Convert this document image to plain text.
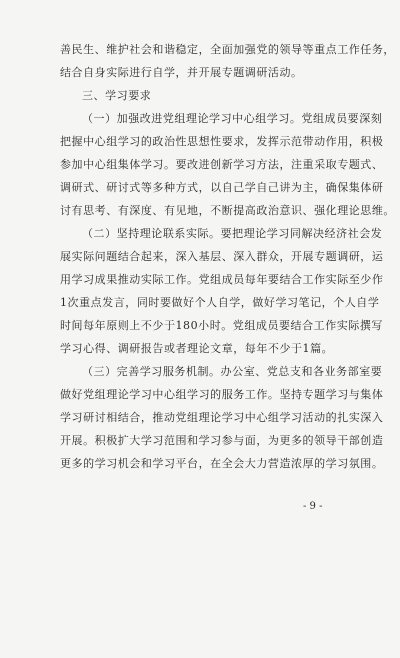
善民生、维护社会和谐稳定，全面加强党的领导等重点工作任务，
结合自身实际进行自学，并开展专题调研活动。
三、学习要求
（一）加强改进党组理论学习中心组学习。党组成员要深刻
把握中心组学习的政治性思想性要求，发挥示范带动作用，积极
参加中心组集体学习。要改进创新学习方法，注重采取专题式、
调研式、研讨式等多种方式，以自己学自己讲为主，确保集体研
讨有思考、有深度、有见地，不断提高政治意识、强化理论思维。
（二）坚持理论联系实际。要把理论学习同解决经济社会发
展实际问题结合起来，深入基层、深入群众，开展专题调研，运
用学习成果推动实际工作。党组成员每年要结合工作实际至少作
1次重点发言，同时要做好个人自学，做好学习笔记，个人自学
时间每年原则上不少于180小时。党组成员要结合工作实际撰写
学习心得、调研报告或者理论文章，每年不少于1篇。
（三）完善学习服务机制。办公室、党总支和各业务部室要
做好党组理论学习中心组学习的服务工作。坚持专题学习与集体
学习研讨相结合，推动党组理论学习中心组学习活动的扎实深入
开展。积极扩大学习范围和学习参与面，为更多的领导干部创造
更多的学习机会和学习平台，在全会大力营造浓厚的学习氛围。
- 9 -
